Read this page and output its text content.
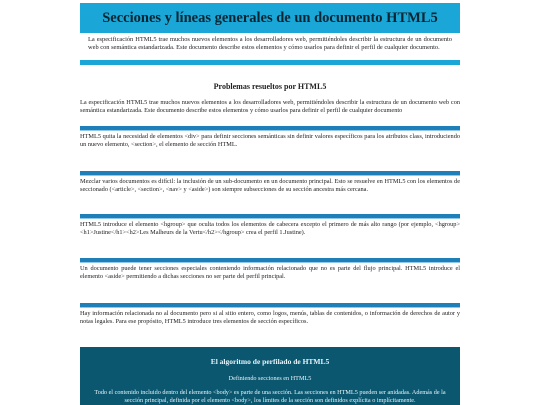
Secciones y líneas generales de un documento HTML5
La especificación HTML5 trae muchos nuevos elementos a los desarrolladores web, permitiéndoles describir la estructura de un documento web con semántica estandarizada. Este documento describe estos elementos y cómo usarlos para definir el perfil de cualquier documento.
Problemas resueltos por HTML5
La especificación HTML5 trae muchos nuevos elementos a los desarrolladores web, permitiéndoles describir la estructura de un documento web con semántica estandarizada. Este documento describe estos elementos y cómo usarlos para definir el perfil de cualquier documento
HTML5 quita la necesidad de elementos <div> para definir secciones semánticas sin definir valores específicos para los atributos class, introduciendo un nuevo elemento, <section>, el elemento de sección HTML.
Mezclar varios documentos es difícil: la inclusión de un sub-documento en un documento principal. Esto se resuelve en HTML5 con los elementos de seccionado (<article>, <section>, <nav> y <aside>) son siempre subsecciones de su sección ancestra más cercana.
HTML5 introduce el elemento <hgroup> que oculta todos los elementos de cabecera excepto el primero de más alto rango (por ejemplo, <hgroup><h1>Justine</h1><h2>Les Malheurs de la Vertu</h2></hgroup> crea el perfil 1.Justine).
Un documento puede tener secciones especiales conteniendo información relacionado que no es parte del flujo principal. HTML5 introduce el elemento <aside> permitiendo a dichas secciones no ser parte del perfil principal.
Hay información relacionada no al documento pero si al sitio entero, como logos, menús, tablas de contenidos, o información de derechos de autor y notas legales. Para ese propósito, HTML5 introduce tres elementos de sección específicos.
El algoritmo de perfilado de HTML5
Definiendo secciones en HTML5
Todo el contenido incluido dentro del elemento <body> es parte de una sección. Las secciones en HTML5 pueden ser anidadas. Además de la sección principal, definida por el elemento <body>, los límites de la sección son definidos explícita o implícitamente.
